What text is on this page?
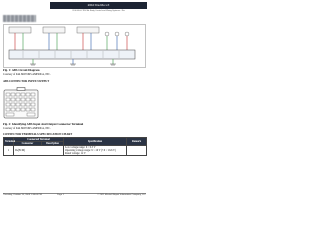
2010 Kia Rio LX
2010 ELECTRICAL Body Control and Wiring Systems - Rio
Fig. 1: ABS Circuit Diagram
Courtesy of KIA MOTORS AMERICA, INC.
ABS CONNECTOR INPUT/OUTPUT
Fig. 2: Identifying ABS Input And Output Connector Terminal
Courtesy of KIA MOTORS AMERICA, INC.
CONNECTOR TERMINALS SPECIFICATION CHART
Terminal	Connected Terminal		Specification	Remark
	Connector	Description		
1	IG(ECM)		Low voltage range: 0 ~ 0.5 V
Operating voltage range: 9 ~ 16 V (7.0 ~ 16.6 V)
Rated voltage: 12 V	

Thursday, October 15, 2009 1:38:04 PM	Page 1	© 2011 Mitchell Repair Information Company, LLC
